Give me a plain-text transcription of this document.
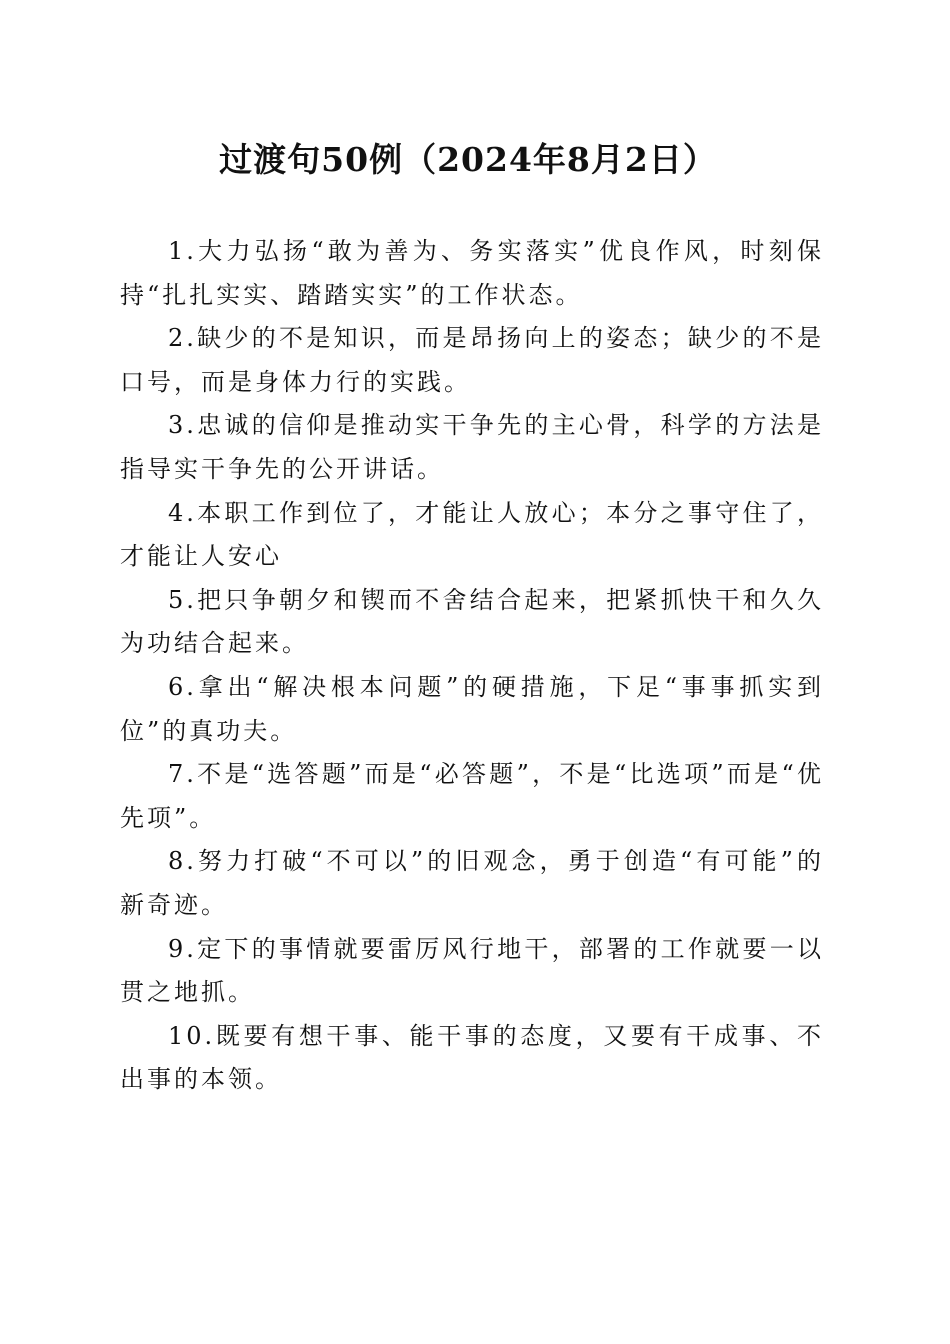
过渡句50例（2024年8月2日）

1.大力弘扬“敢为善为、务实落实”优良作风，时刻保持“扎扎实实、踏踏实实”的工作状态。

2.缺少的不是知识，而是昂扬向上的姿态；缺少的不是口号，而是身体力行的实践。

3.忠诚的信仰是推动实干争先的主心骨，科学的方法是指导实干争先的公开讲话。

4.本职工作到位了，才能让人放心；本分之事守住了，才能让人安心

5.把只争朝夕和锲而不舍结合起来，把紧抓快干和久久为功结合起来。

6.拿出“解决根本问题”的硬措施，下足“事事抓实到位”的真功夫。

7.不是“选答题”而是“必答题”，不是“比选项”而是“优先项”。

8.努力打破“不可以”的旧观念，勇于创造“有可能”的新奇迹。

9.定下的事情就要雷厉风行地干，部署的工作就要一以贯之地抓。

10.既要有想干事、能干事的态度，又要有干成事、不出事的本领。
